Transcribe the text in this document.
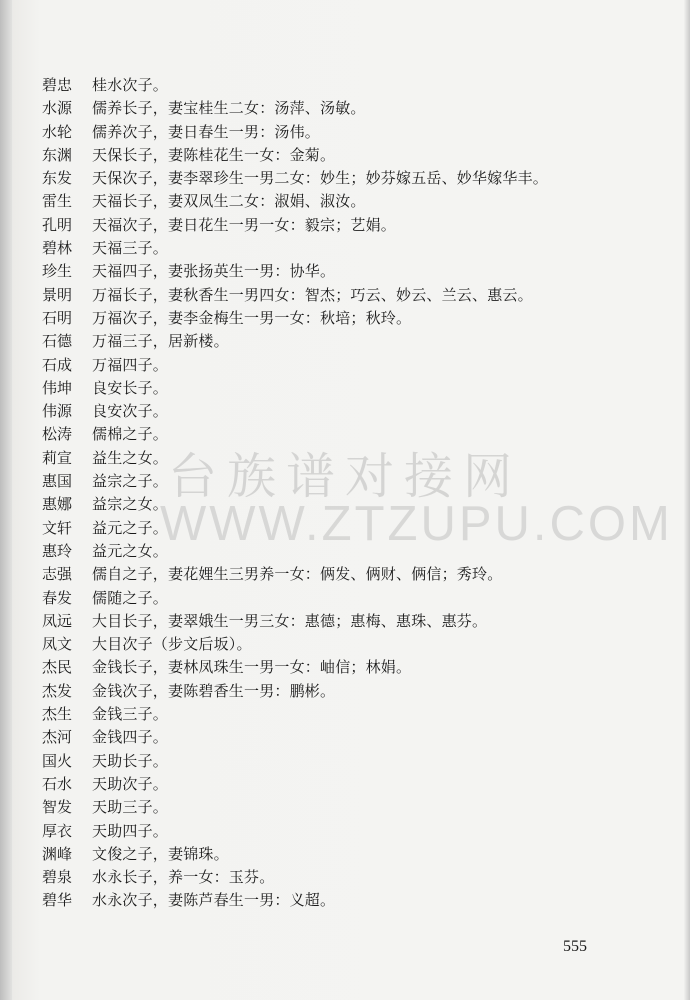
碧忠	桂水次子。
水源	儒养长子，妻宝桂生二女：汤萍、汤敏。
水轮	儒养次子，妻日春生一男：汤伟。
东渊	天保长子，妻陈桂花生一女：金菊。
东发	天保次子，妻李翠珍生一男二女：妙生；妙芬嫁五岳、妙华嫁华丰。
雷生	天福长子，妻双凤生二女：淑娟、淑汝。
孔明	天福次子，妻日花生一男一女：毅宗；艺娟。
碧林	天福三子。
珍生	天福四子，妻张扬英生一男：协华。
景明	万福长子，妻秋香生一男四女：智杰；巧云、妙云、兰云、惠云。
石明	万福次子，妻李金梅生一男一女：秋培；秋玲。
石德	万福三子，居新楼。
石成	万福四子。
伟坤	良安长子。
伟源	良安次子。
松涛	儒棉之子。
莉宣	益生之女。
惠国	益宗之子。
惠娜	益宗之女。
文轩	益元之子。
惠玲	益元之女。
志强	儒自之子，妻花娌生三男养一女：俩发、俩财、俩信；秀玲。
春发	儒随之子。
凤远	大目长子，妻翠娥生一男三女：惠德；惠梅、惠珠、惠芬。
凤文	大目次子（步文后坂）。
杰民	金钱长子，妻林凤珠生一男一女：岫信；林娟。
杰发	金钱次子，妻陈碧香生一男：鹏彬。
杰生	金钱三子。
杰河	金钱四子。
国火	天助长子。
石水	天助次子。
智发	天助三子。
厚衣	天助四子。
渊峰	文俊之子，妻锦珠。
碧泉	水永长子，养一女：玉芬。
碧华	水永次子，妻陈芦春生一男：义超。
台族谱对接网
WWW.ZTZUPU.COM
555
